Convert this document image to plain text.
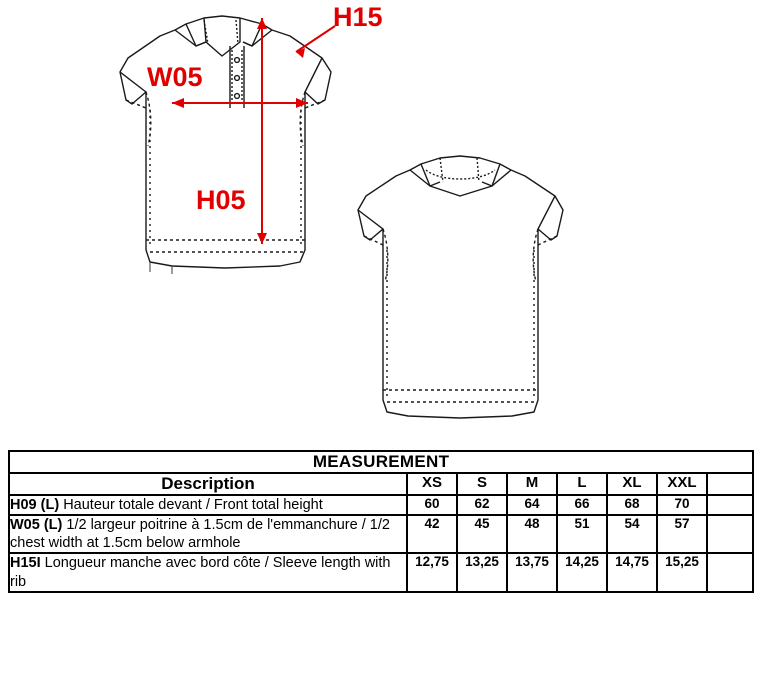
H15
W05
H05
MEASUREMENT							
Description	XS	S	M	L	XL	XXL	
H09 (L) Hauteur totale devant / Front total height	60	62	64	66	68	70	
W05 (L) 1/2 largeur poitrine à 1.5cm de l'emmanchure / 1/2 chest width at 1.5cm below armhole	42	45	48	51	54	57	
H15I Longueur manche avec bord côte / Sleeve length with rib	12,75	13,25	13,75	14,25	14,75	15,25	
